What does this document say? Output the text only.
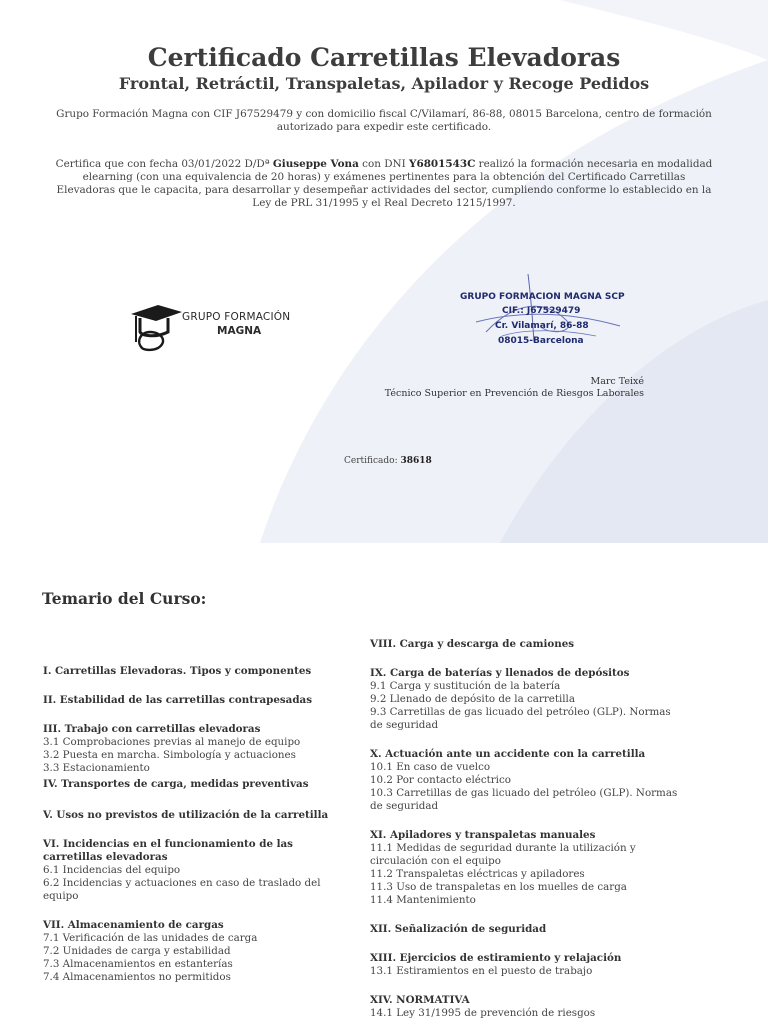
Certificado Carretillas Elevadoras
Frontal, Retráctil, Transpaletas, Apilador y Recoge Pedidos

Grupo Formación Magna con CIF J67529479 y con domicilio fiscal C/Vilamarí, 86-88, 08015 Barcelona, centro de formación autorizado para expedir este certificado.

Certifica que con fecha 03/01/2022 D/Dª Giuseppe Vona con DNI Y6801543C realizó la formación necesaria en modalidad elearning (con una equivalencia de 20 horas) y exámenes pertinentes para la obtención del Certificado Carretillas Elevadoras que le capacita, para desarrollar y desempeñar actividades del sector, cumpliendo conforme lo establecido en la Ley de PRL 31/1995 y el Real Decreto 1215/1997.

GRUPO FORMACIÓN
MAGNA
GRUPO FORMACION MAGNA SCP
CIF.: J67529479
Cr. Vilamarí, 86-88
08015-Barcelona

Marc Teixé

Técnico Superior en Prevención de Riesgos Laborales

Certificado: 38618
Temario del Curso:
I. Carretillas Elevadoras. Tipos y componentes
II. Estabilidad de las carretillas contrapesadas
III. Trabajo con carretillas elevadoras
3.1 Comprobaciones previas al manejo de equipo
3.2 Puesta en marcha. Simbología y actuaciones
3.3 Estacionamiento
IV. Transportes de carga, medidas preventivas
V. Usos no previstos de utilización de la carretilla
VI. Incidencias en el funcionamiento de las carretillas elevadoras
6.1 Incidencias del equipo
6.2 Incidencias y actuaciones en caso de traslado del equipo
VII. Almacenamiento de cargas
7.1 Verificación de las unidades de carga
7.2 Unidades de carga y estabilidad
7.3 Almacenamientos en estanterías
7.4 Almacenamientos no permitidos
VIII. Carga y descarga de camiones
IX. Carga de baterías y llenados de depósitos
9.1 Carga y sustitución de la batería
9.2 Llenado de depósito de la carretilla
9.3 Carretillas de gas licuado del petróleo (GLP). Normas de seguridad
X. Actuación ante un accidente con la carretilla
10.1 En caso de vuelco
10.2 Por contacto eléctrico
10.3 Carretillas de gas licuado del petróleo (GLP). Normas de seguridad
XI. Apiladores y transpaletas manuales
11.1 Medidas de seguridad durante la utilización y circulación con el equipo
11.2 Transpaletas eléctricas y apiladores
11.3 Uso de transpaletas en los muelles de carga
11.4 Mantenimiento
XII. Señalización de seguridad
XIII. Ejercicios de estiramiento y relajación
13.1 Estiramientos en el puesto de trabajo
XIV. NORMATIVA
14.1 Ley 31/1995 de prevención de riesgos
